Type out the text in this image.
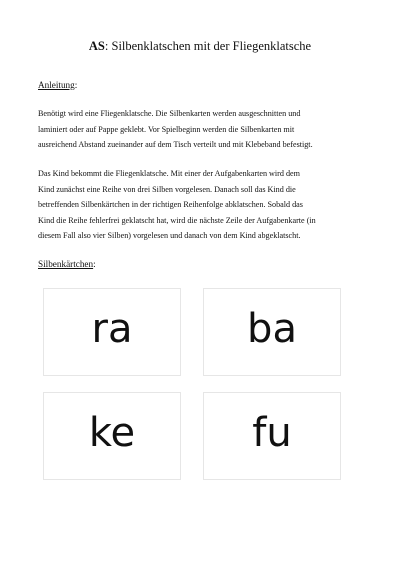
AS: Silbenklatschen mit der Fliegenklatsche
Anleitung:
Benötigt wird eine Fliegenklatsche. Die Silbenkarten werden ausgeschnitten und
laminiert oder auf Pappe geklebt. Vor Spielbeginn werden die Silbenkarten mit
ausreichend Abstand zueinander auf dem Tisch verteilt und mit Klebeband befestigt.
Das Kind bekommt die Fliegenklatsche. Mit einer der Aufgabenkarten wird dem
Kind zunächst eine Reihe von drei Silben vorgelesen. Danach soll das Kind die
betreffenden Silbenkärtchen in der richtigen Reihenfolge abklatschen. Sobald das
Kind die Reihe fehlerfrei geklatscht hat, wird die nächste Zeile der Aufgabenkarte (in
diesem Fall also vier Silben) vorgelesen und danach von dem Kind abgeklatscht.
Silbenkärtchen:
ra	ba
ke	fu
